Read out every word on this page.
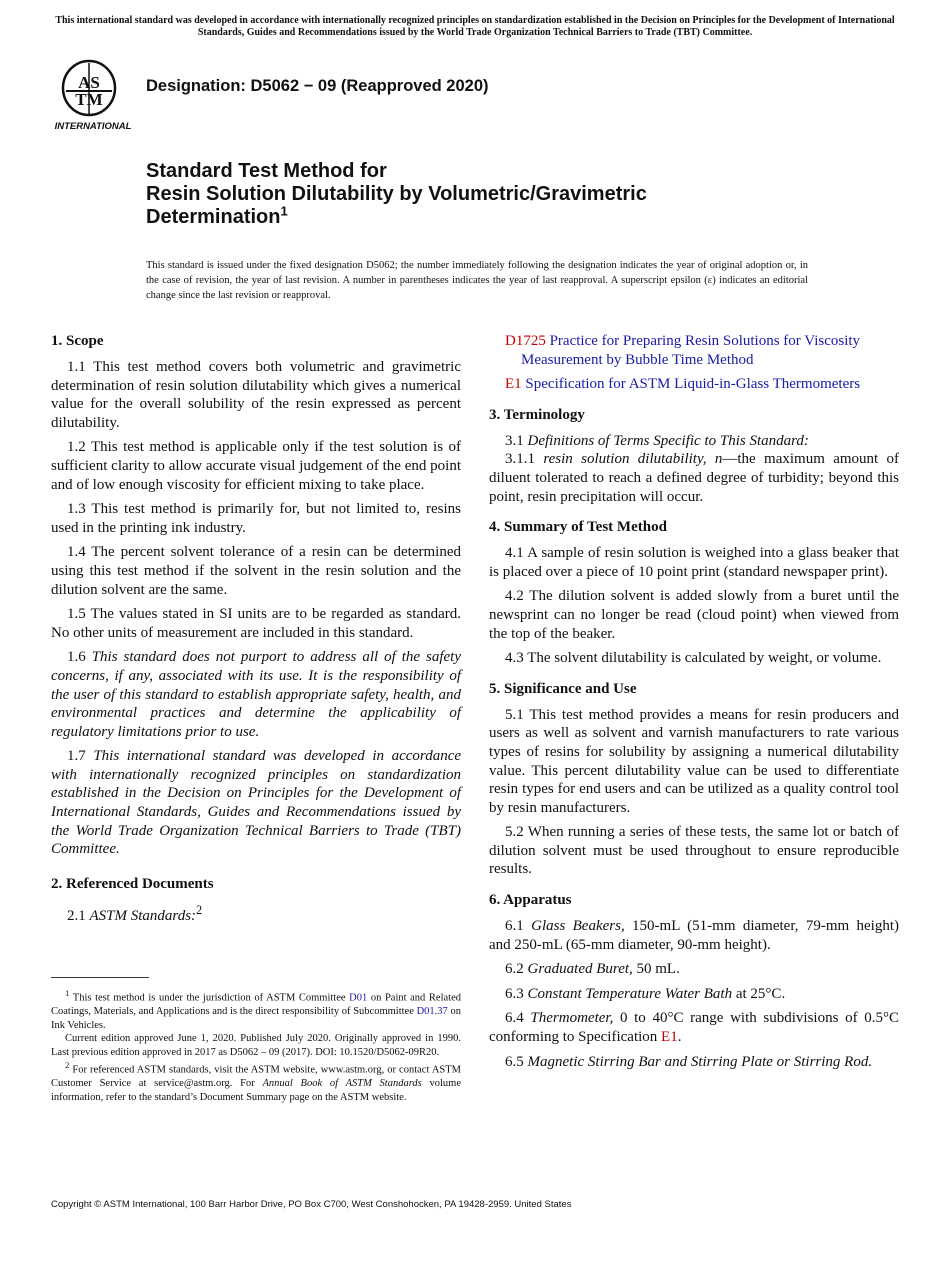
This international standard was developed in accordance with internationally recognized principles on standardization established in the Decision on Principles for the Development of International Standards, Guides and Recommendations issued by the World Trade Organization Technical Barriers to Trade (TBT) Committee.
AS
TM
INTERNATIONAL
Designation: D5062 − 09 (Reapproved 2020)
Standard Test Method for
Resin Solution Dilutability by Volumetric/Gravimetric
Determination$^1$
This standard is issued under the fixed designation D5062; the number immediately following the designation indicates the year of original adoption or, in the case of revision, the year of last revision. A number in parentheses indicates the year of last reapproval. A superscript epsilon (ε) indicates an editorial change since the last revision or reapproval.
1. Scope

1.1 This test method covers both volumetric and gravimetric determination of resin solution dilutability which gives a numerical value for the overall solubility of the resin expressed as percent dilutability.

1.2 This test method is applicable only if the test solution is of sufficient clarity to allow accurate visual judgement of the end point and of low enough viscosity for efficient mixing to take place.

1.3 This test method is primarily for, but not limited to, resins used in the printing ink industry.

1.4 The percent solvent tolerance of a resin can be determined using this test method if the solvent in the resin solution and the dilution solvent are the same.

1.5 The values stated in SI units are to be regarded as standard. No other units of measurement are included in this standard.

1.6 This standard does not purport to address all of the safety concerns, if any, associated with its use. It is the responsibility of the user of this standard to establish appropriate safety, health, and environmental practices and determine the applicability of regulatory limitations prior to use.

1.7 This international standard was developed in accordance with internationally recognized principles on standardization established in the Decision on Principles for the Development of International Standards, Guides and Recommendations issued by the World Trade Organization Technical Barriers to Trade (TBT) Committee.

2. Referenced Documents

2.1 ASTM Standards:$^2$

D1725 Practice for Preparing Resin Solutions for Viscosity Measurement by Bubble Time Method

E1 Specification for ASTM Liquid-in-Glass Thermometers

3. Terminology

3.1 Definitions of Terms Specific to This Standard:

3.1.1 resin solution dilutability, n—the maximum amount of diluent tolerated to reach a defined degree of turbidity; beyond this point, resin precipitation will occur.

4. Summary of Test Method

4.1 A sample of resin solution is weighed into a glass beaker that is placed over a piece of 10 point print (standard newspaper print).

4.2 The dilution solvent is added slowly from a buret until the newsprint can no longer be read (cloud point) when viewed from the top of the beaker.

4.3 The solvent dilutability is calculated by weight, or volume.

5. Significance and Use

5.1 This test method provides a means for resin producers and users as well as solvent and varnish manufacturers to rate various types of resins for solubility by assigning a numerical dilutability value. This percent dilutability value can be used to differentiate resin types for end users and can be utilized as a quality control tool by resin manufacturers.

5.2 When running a series of these tests, the same lot or batch of dilution solvent must be used throughout to ensure reproducible results.

6. Apparatus

6.1 Glass Beakers, 150-mL (51-mm diameter, 79-mm height) and 250-mL (65-mm diameter, 90-mm height).

6.2 Graduated Buret, 50 mL.

6.3 Constant Temperature Water Bath at 25°C.

6.4 Thermometer, 0 to 40°C range with subdivisions of 0.5°C conforming to Specification E1.

6.5 Magnetic Stirring Bar and Stirring Plate or Stirring Rod.

$^1$ This test method is under the jurisdiction of ASTM Committee D01 on Paint and Related Coatings, Materials, and Applications and is the direct responsibility of Subcommittee D01.37 on Ink Vehicles.

Current edition approved June 1, 2020. Published July 2020. Originally approved in 1990. Last previous edition approved in 2017 as D5062 – 09 (2017). DOI: 10.1520/D5062-09R20.

$^2$ For referenced ASTM standards, visit the ASTM website, www.astm.org, or contact ASTM Customer Service at service@astm.org. For Annual Book of ASTM Standards volume information, refer to the standard’s Document Summary page on the ASTM website.

Copyright © ASTM International, 100 Barr Harbor Drive, PO Box C700, West Conshohocken, PA 19428-2959. United States
